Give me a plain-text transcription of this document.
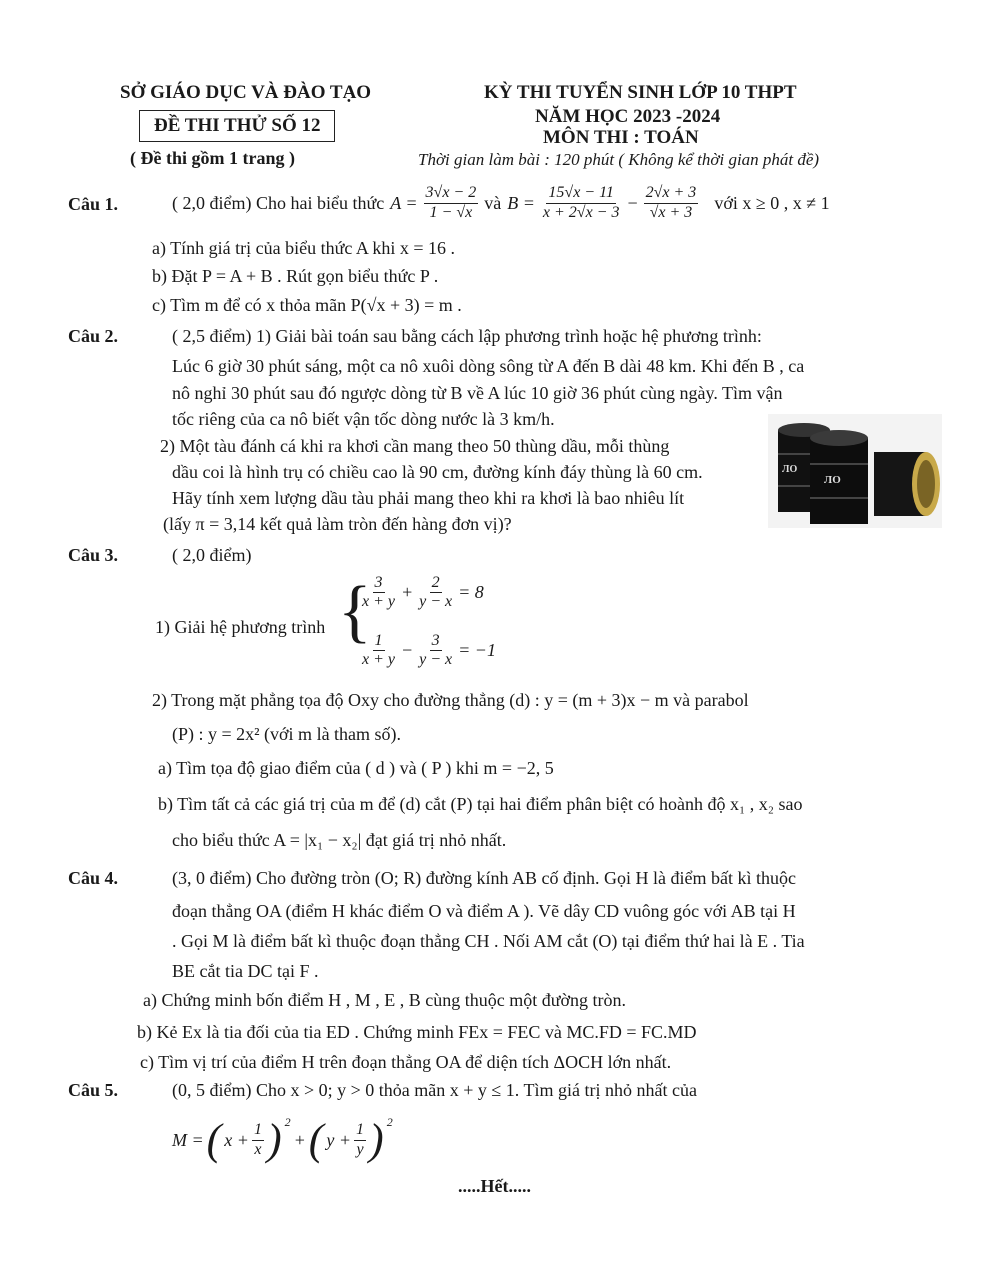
SỞ GIÁO DỤC VÀ ĐÀO TẠO
ĐỀ THI THỬ SỐ 12
( Đề thi gồm 1 trang )
KỲ THI TUYỂN SINH LỚP 10 THPT
NĂM HỌC 2023 -2024
MÔN THI : TOÁN
Thời gian làm bài : 120 phút ( Không kể thời gian phát đề)
Câu 1.	( 2,0 điểm) Cho hai biểu thức $A = \frac{3√x - 2}{1 - √x}$ và $B = \frac{15√x - 11}{x + 2√x - 3} - \frac{2√x + 3}{√x + 3}$ với x ≥ 0 , x ≠ 1
a) Tính giá trị của biểu thức A khi x = 16 .
b) Đặt P = A + B . Rút gọn biểu thức P .
c) Tìm m để có x thỏa mãn P(√x + 3) = m .
Câu 2.	( 2,5 điểm) 1) Giải bài toán sau bằng cách lập phương trình hoặc hệ phương trình:
Lúc 6 giờ 30 phút sáng, một ca nô xuôi dòng sông từ A đến B dài 48 km. Khi đến B , ca
nô nghỉ 30 phút sau đó ngược dòng từ B về A lúc 10 giờ 36 phút cùng ngày. Tìm vận
tốc riêng của ca nô biết vận tốc dòng nước là 3 km/h.
2) Một tàu đánh cá khi ra khơi cần mang theo 50 thùng dầu, mỗi thùng
dầu coi là hình trụ có chiều cao là 90 cm, đường kính đáy thùng là 60 cm.
Hãy tính xem lượng dầu tàu phải mang theo khi ra khơi là bao nhiêu lít
(lấy π = 3,14 kết quả làm tròn đến hàng đơn vị)?
ЛО
ЛО
Câu 3.	( 2,0 điểm)
1) Giải hệ phương trình {
$\frac{3}{x + y} + \frac{2}{y - x} = 8$
$\frac{1}{x + y} - \frac{3}{y - x} = -1$
2) Trong mặt phẳng tọa độ Oxy cho đường thẳng (d) : y = (m + 3)x − m và parabol
(P) : y = 2x² (với m là tham số).
a) Tìm tọa độ giao điểm của ( d ) và ( P ) khi m = −2, 5
b) Tìm tất cả các giá trị của m để (d) cắt (P) tại hai điểm phân biệt có hoành độ x₁ , x₂ sao
cho biểu thức A = |x₁ − x₂| đạt giá trị nhỏ nhất.
Câu 4.	(3, 0 điểm) Cho đường tròn (O; R) đường kính AB cố định. Gọi H là điểm bất kì thuộc
đoạn thẳng OA (điểm H khác điểm O và điểm A ). Vẽ dây CD vuông góc với AB tại H
. Gọi M là điểm bất kì thuộc đoạn thẳng CH . Nối AM cắt (O) tại điểm thứ hai là E . Tia
BE cắt tia DC tại F .
a) Chứng minh bốn điểm H , M , E , B cùng thuộc một đường tròn.
b) Kẻ Ex là tia đối của tia ED . Chứng minh FEx = FEC và MC.FD = FC.MD
c) Tìm vị trí của điểm H trên đoạn thẳng OA để diện tích ΔOCH lớn nhất.
Câu 5.	(0, 5 điểm) Cho x > 0; y > 0 thỏa mãn x + y ≤ 1. Tìm giá trị nhỏ nhất của
M = ( $x + \frac{1}{x}$ ) $^2$
+ ( $y + \frac{1}{y}$ ) $^2$
.....Hết.....
